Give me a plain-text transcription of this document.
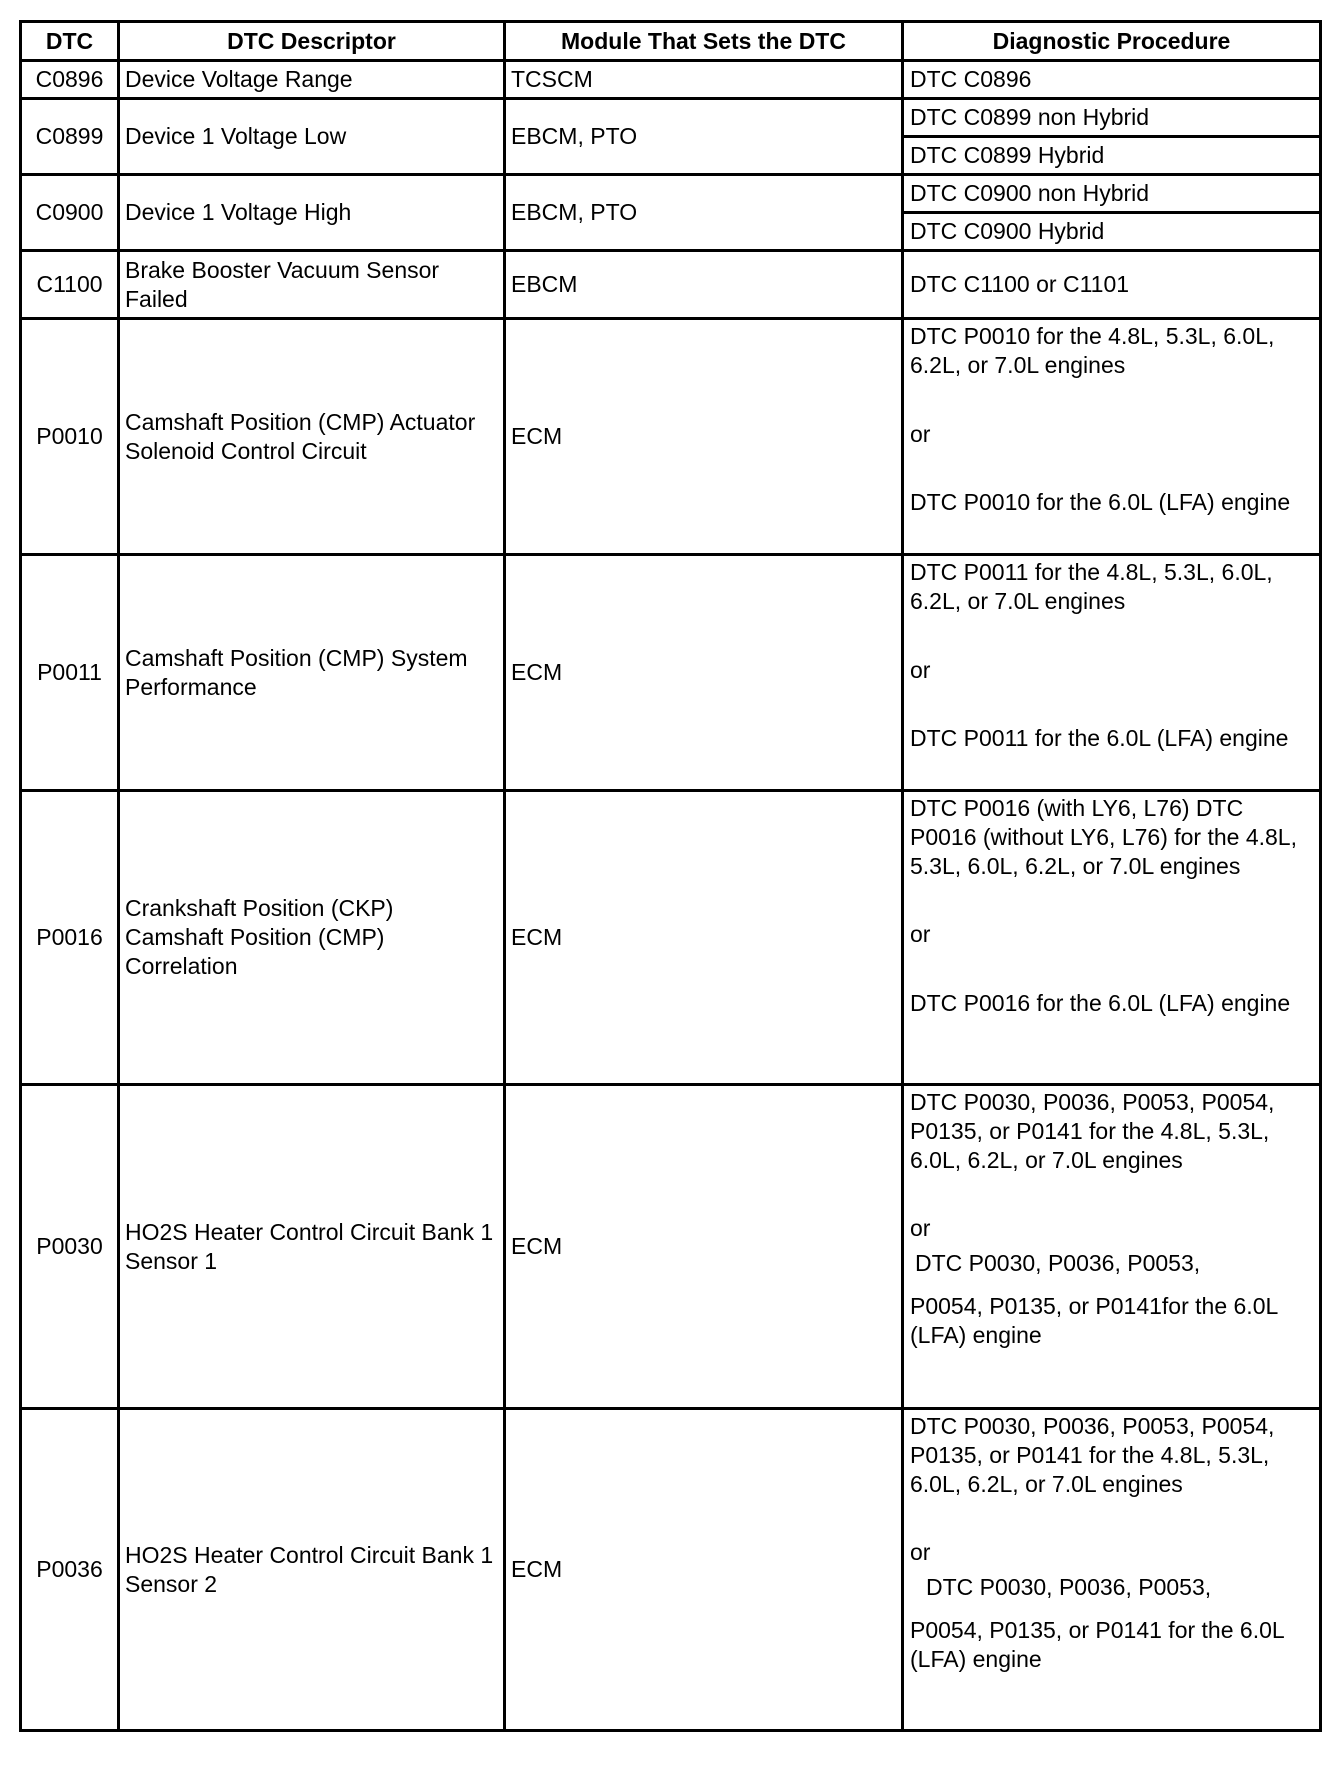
DTC	DTC Descriptor	Module That Sets the DTC	Diagnostic Procedure
C0896	Device Voltage Range	TCSCM	DTC C0896
C0899	Device 1 Voltage Low	EBCM, PTO	DTC C0899 non Hybrid
			DTC C0899 Hybrid
C0900	Device 1 Voltage High	EBCM, PTO	DTC C0900 non Hybrid
			DTC C0900 Hybrid
C1100	Brake Booster Vacuum Sensor Failed	EBCM	DTC C1100 or C1101
P0010	Camshaft Position (CMP) Actuator Solenoid Control Circuit	ECM	DTC P0010 for the 4.8L, 5.3L, 6.0L, 6.2L, or 7.0L engines

or

DTC P0010 for the 6.0L (LFA) engine

P0011	Camshaft Position (CMP) System Performance	ECM	DTC P0011 for the 4.8L, 5.3L, 6.0L, 6.2L, or 7.0L engines

or

DTC P0011 for the 6.0L (LFA) engine

P0016	Crankshaft Position (CKP) Camshaft Position (CMP) Correlation	ECM	DTC P0016 (with LY6, L76) DTC P0016 (without LY6, L76) for the 4.8L, 5.3L, 6.0L, 6.2L, or 7.0L engines

or

DTC P0016 for the 6.0L (LFA) engine

P0030	HO2S Heater Control Circuit Bank 1 Sensor 1	ECM	DTC P0030, P0036, P0053, P0054, P0135, or P0141 for the 4.8L, 5.3L, 6.0L, 6.2L, or 7.0L engines

or

DTC P0030, P0036, P0053,

P0054, P0135, or P0141for the 6.0L

(LFA) engine

P0036	HO2S Heater Control Circuit Bank 1 Sensor 2	ECM	DTC P0030, P0036, P0053, P0054, P0135, or P0141 for the 4.8L, 5.3L, 6.0L, 6.2L, or 7.0L engines

or

DTC P0030, P0036, P0053,

P0054, P0135, or P0141 for the 6.0L

(LFA) engine
